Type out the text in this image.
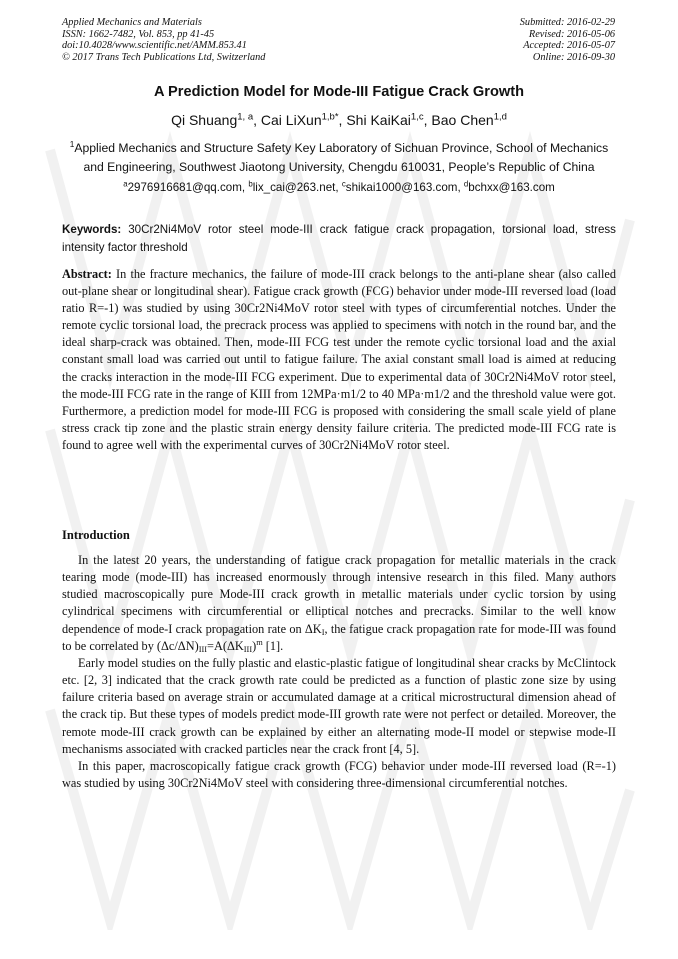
Applied Mechanics and Materials
ISSN: 1662-7482, Vol. 853, pp 41-45
doi:10.4028/www.scientific.net/AMM.853.41
© 2017 Trans Tech Publications Ltd, Switzerland
Submitted: 2016-02-29
Revised: 2016-05-06
Accepted: 2016-05-07
Online: 2016-09-30
A Prediction Model for Mode-III Fatigue Crack Growth
Qi Shuang$^{1, a}$, Cai LiXun$^{1,b*}$, Shi KaiKai$^{1,c}$, Bao Chen$^{1,d}$
$^1$Applied Mechanics and Structure Safety Key Laboratory of Sichuan Province, School of Mechanics and Engineering, Southwest Jiaotong University, Chengdu 610031, People’s Republic of China
$^a$2976916681@qq.com, $^b$lix_cai@263.net, $^c$shikai1000@163.com, $^d$bchxx@163.com
Keywords: 30Cr2Ni4MoV rotor steel mode-III crack fatigue crack propagation, torsional load, stress intensity factor threshold
Abstract: In the fracture mechanics, the failure of mode-III crack belongs to the anti-plane shear (also called out-plane shear or longitudinal shear). Fatigue crack growth (FCG) behavior under mode-III reversed load (load ratio R=-1) was studied by using 30Cr2Ni4MoV rotor steel with types of circumferential notches. Under the remote cyclic torsional load, the precrack process was applied to specimens with notch in the round bar, and the ideal sharp-crack was obtained. Then, mode-III FCG test under the remote cyclic torsional load and the axial constant small load was carried out until to fatigue failure. The axial constant small load is aimed at reducing the cracks interaction in the mode-III FCG experiment. Due to experimental data of 30Cr2Ni4MoV rotor steel, the mode-III FCG rate in the range of KIII from 12MPa·m1/2 to 40 MPa·m1/2 and the threshold value were got. Furthermore, a prediction model for mode-III FCG is proposed with considering the small scale yield of plane stress crack tip zone and the plastic strain energy density failure criteria. The predicted mode-III FCG rate is found to agree well with the experimental curves of 30Cr2Ni4MoV rotor steel.
Introduction

In the latest 20 years, the understanding of fatigue crack propagation for metallic materials in the crack tearing mode (mode-III) has increased enormously through intensive research in this filed. Many authors studied macroscopically pure Mode-III crack growth in metallic materials under cyclic torsion by using cylindrical specimens with circumferential or elliptical notches and precracks. Similar to the well know dependence of mode-I crack propagation rate on $\Delta K_I$, the fatigue crack propagation rate for mode-III was found to be correlated by $(\Delta c/\Delta N)_{III}=A(\Delta K_{III})^m$ [1].

Early model studies on the fully plastic and elastic-plastic fatigue of longitudinal shear cracks by McClintock etc. [2, 3] indicated that the crack growth rate could be predicted as a function of plastic zone size by using failure criteria based on average strain or accumulated damage at a critical microstructural dimension ahead of the crack tip. But these types of models predict mode-III growth rate were not perfect or detailed. Moreover, the remote mode-III crack growth can be explained by either an alternating mode-II model or stepwise mode-II mechanisms associated with cracked particles near the crack front [4, 5].

In this paper, macroscopically fatigue crack growth (FCG) behavior under mode-III reversed load (R=-1) was studied by using 30Cr2Ni4MoV steel with considering three-dimensional circumferential notches.
